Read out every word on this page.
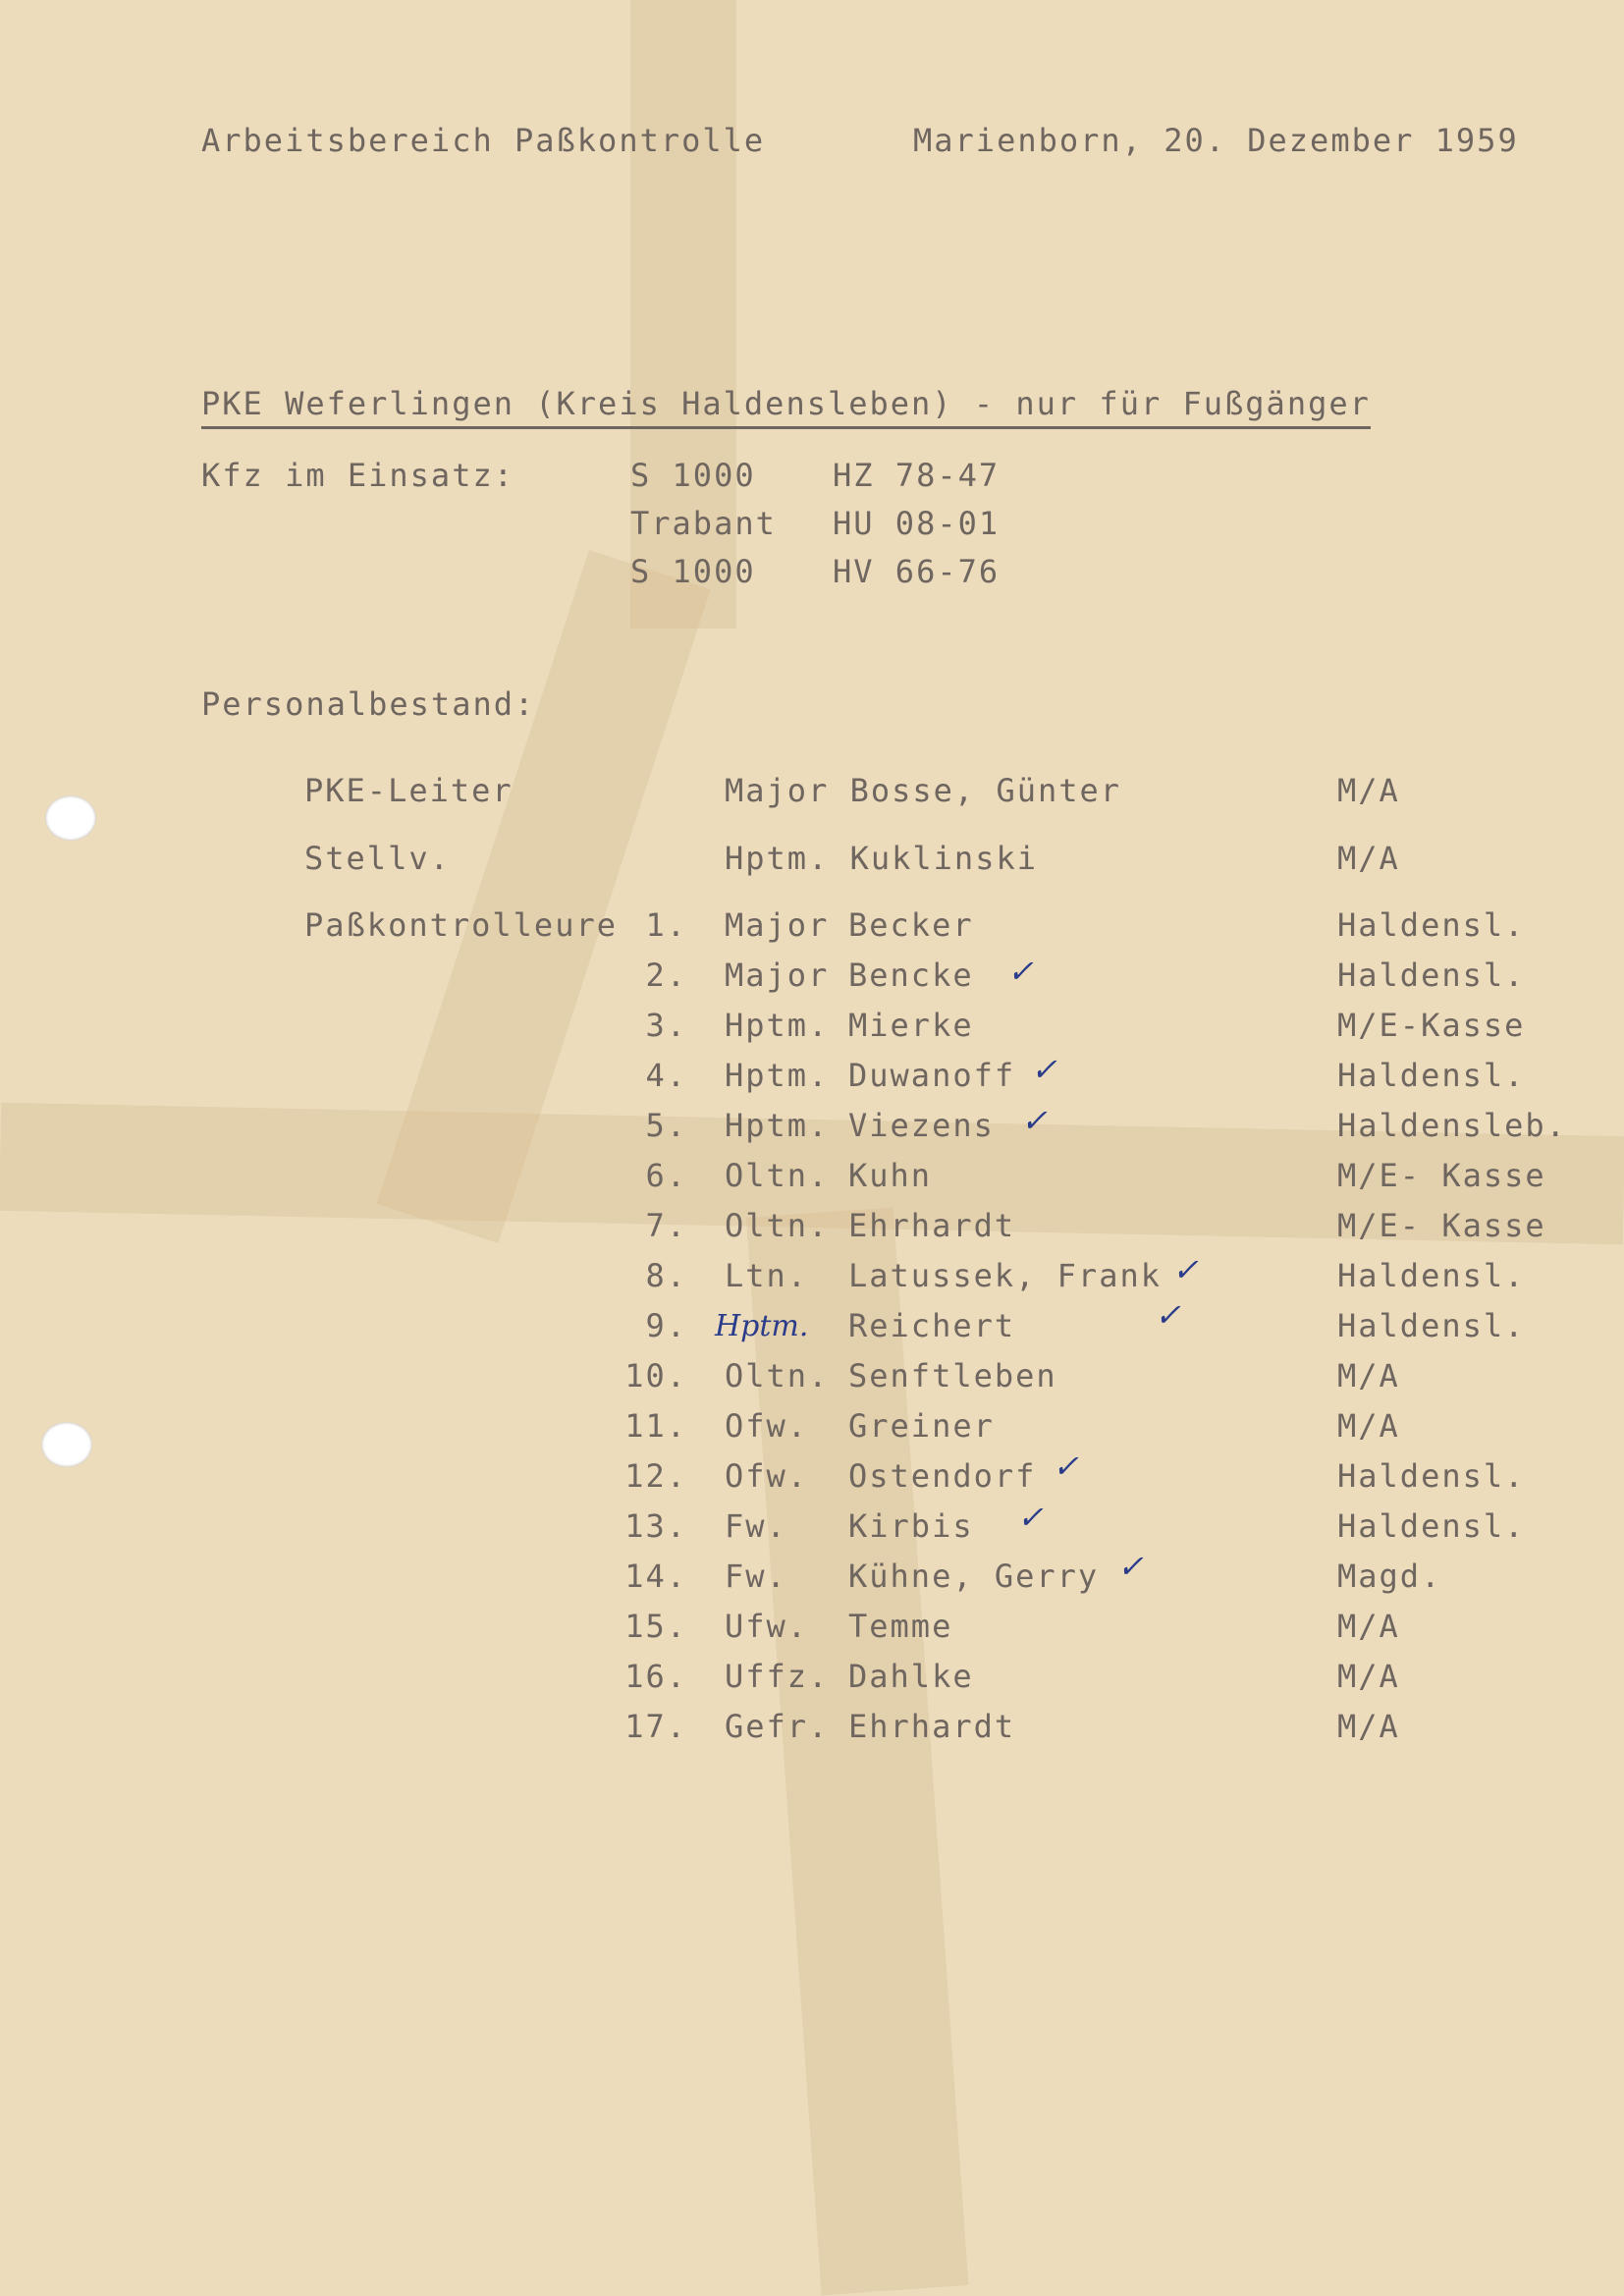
Arbeitsbereich Paßkontrolle	Marienborn, 20. Dezember 1959
PKE Weferlingen (Kreis Haldensleben) - nur für Fußgänger
Kfz im Einsatz:	S 1000 HZ 78-47
Trabant HU 08-01
S 1000 HV 66-76
Personalbestand:
PKE-Leiter	Major Bosse, Günter	M/A
Stellv.	Hptm. Kuklinski	M/A
Paßkontrolleure 1. Major Becker	Haldensl.
2. Major Bencke	Haldensl.
3. Hptm. Mierke	M/E-Kasse
4. Hptm. Duwanoff	Haldensl.
5. Hptm. Viezens	Haldensleb.
6. Oltn. Kuhn	M/E- Kasse
7. Oltn. Ehrhardt	M/E- Kasse
8. Ltn. Latussek, Frank	Haldensl.
9. Hptm. Reichert	Haldensl.
10. Oltn. Senftleben	M/A
11. Ofw. Greiner	M/A
12. Ofw. Ostendorf	Haldensl.
13. Fw. Kirbis	Haldensl.
14. Fw. Kühne, Gerry	Magd.
15. Ufw. Temme	M/A
16. Uffz. Dahlke	M/A
17. Gefr. Ehrhardt	M/A
✓
✓
✓
✓
✓
✓
✓
✓
